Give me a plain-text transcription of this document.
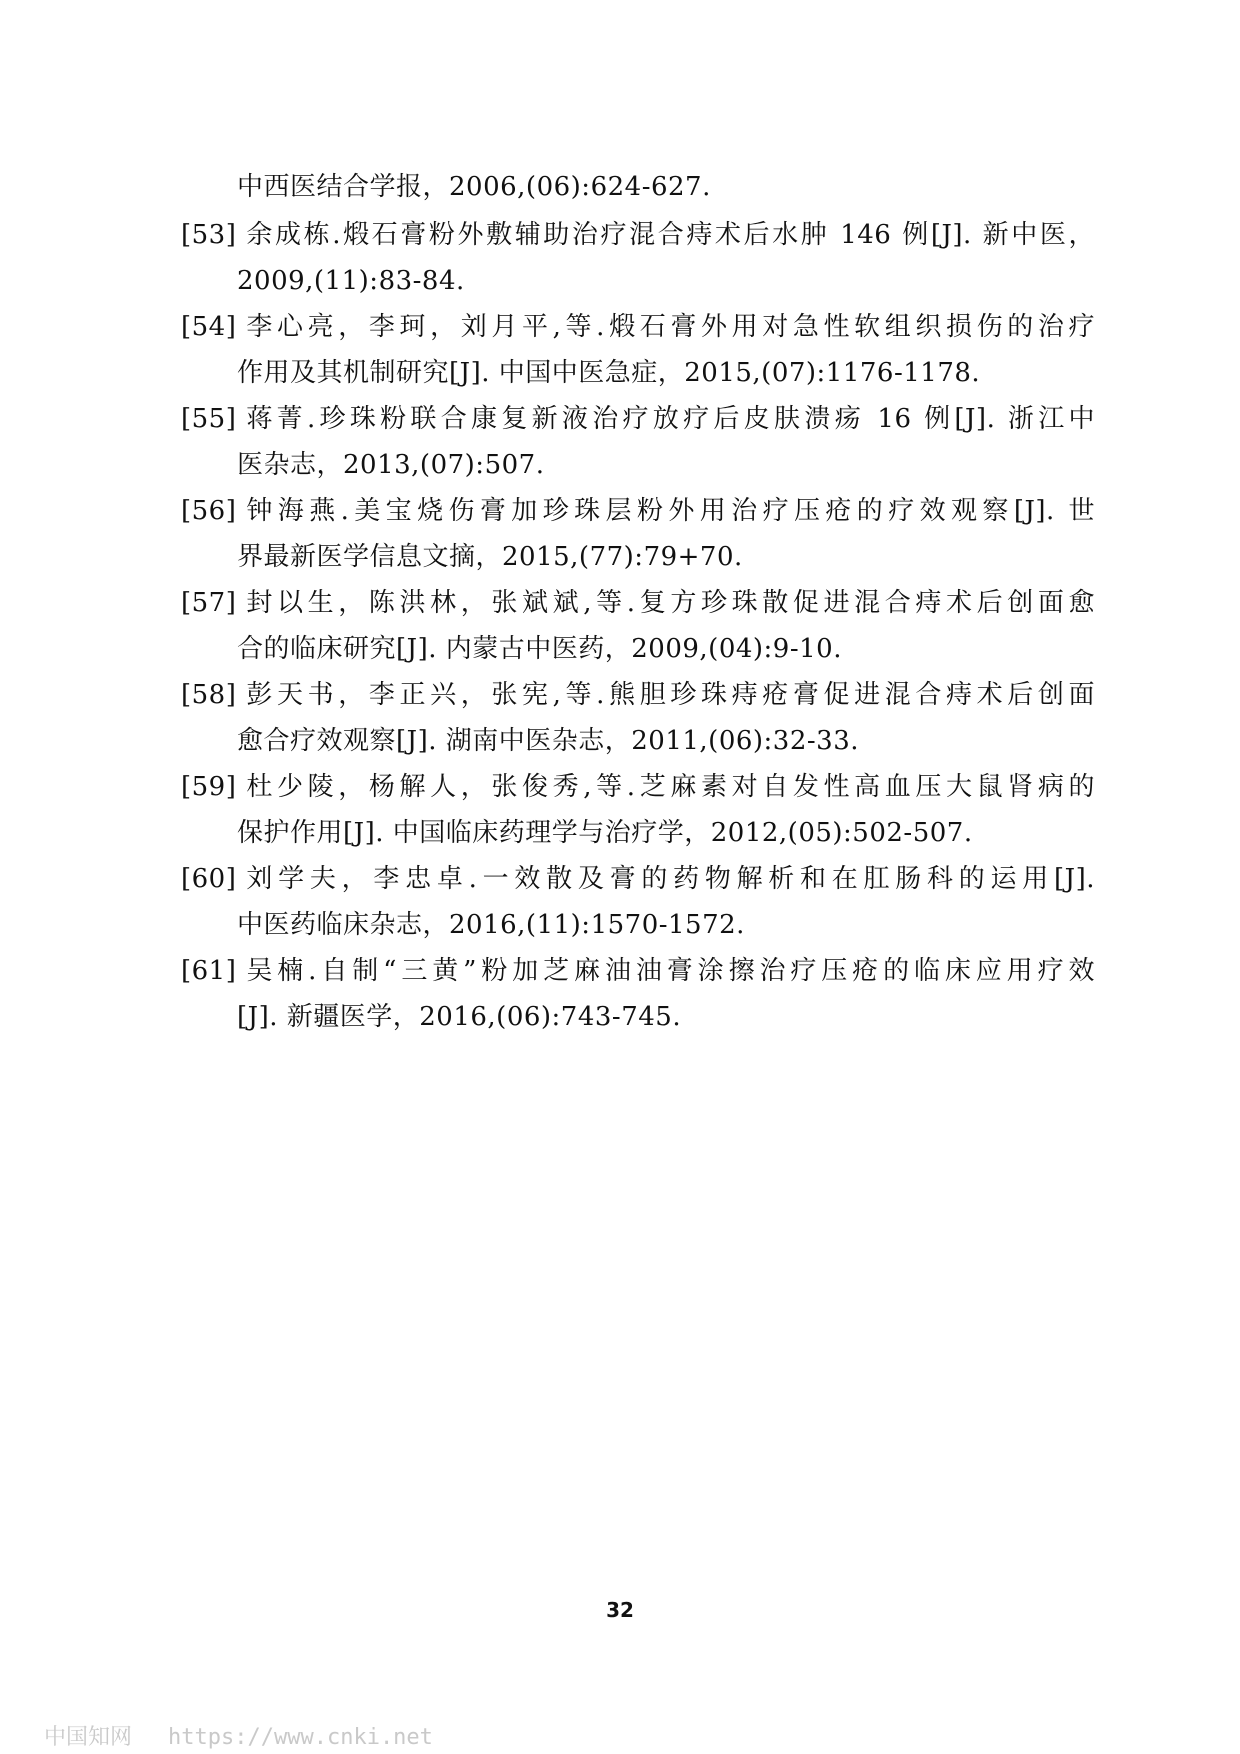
中西医结合学报，2006,(06):624-627.
[53] 余成栋.煅石膏粉外敷辅助治疗混合痔术后水肿 146 例[J]. 新中医，
2009,(11):83-84.
[54] 李心亮，李珂，刘月平,等.煅石膏外用对急性软组织损伤的治疗
作用及其机制研究[J]. 中国中医急症，2015,(07):1176-1178.
[55] 蒋菁.珍珠粉联合康复新液治疗放疗后皮肤溃疡 16 例[J]. 浙江中
医杂志，2013,(07):507.
[56] 钟海燕.美宝烧伤膏加珍珠层粉外用治疗压疮的疗效观察[J]. 世
界最新医学信息文摘，2015,(77):79+70.
[57] 封以生，陈洪林，张斌斌,等.复方珍珠散促进混合痔术后创面愈
合的临床研究[J]. 内蒙古中医药，2009,(04):9-10.
[58] 彭天书，李正兴，张宪,等.熊胆珍珠痔疮膏促进混合痔术后创面
愈合疗效观察[J]. 湖南中医杂志，2011,(06):32-33.
[59] 杜少陵，杨解人，张俊秀,等.芝麻素对自发性高血压大鼠肾病的
保护作用[J]. 中国临床药理学与治疗学，2012,(05):502-507.
[60] 刘学夫，李忠卓.一效散及膏的药物解析和在肛肠科的运用[J].
中医药临床杂志，2016,(11):1570-1572.
[61] 吴楠.自制“三黄”粉加芝麻油油膏涂擦治疗压疮的临床应用疗效
[J]. 新疆医学，2016,(06):743-745.
32
中国知网 https://www.cnki.net
